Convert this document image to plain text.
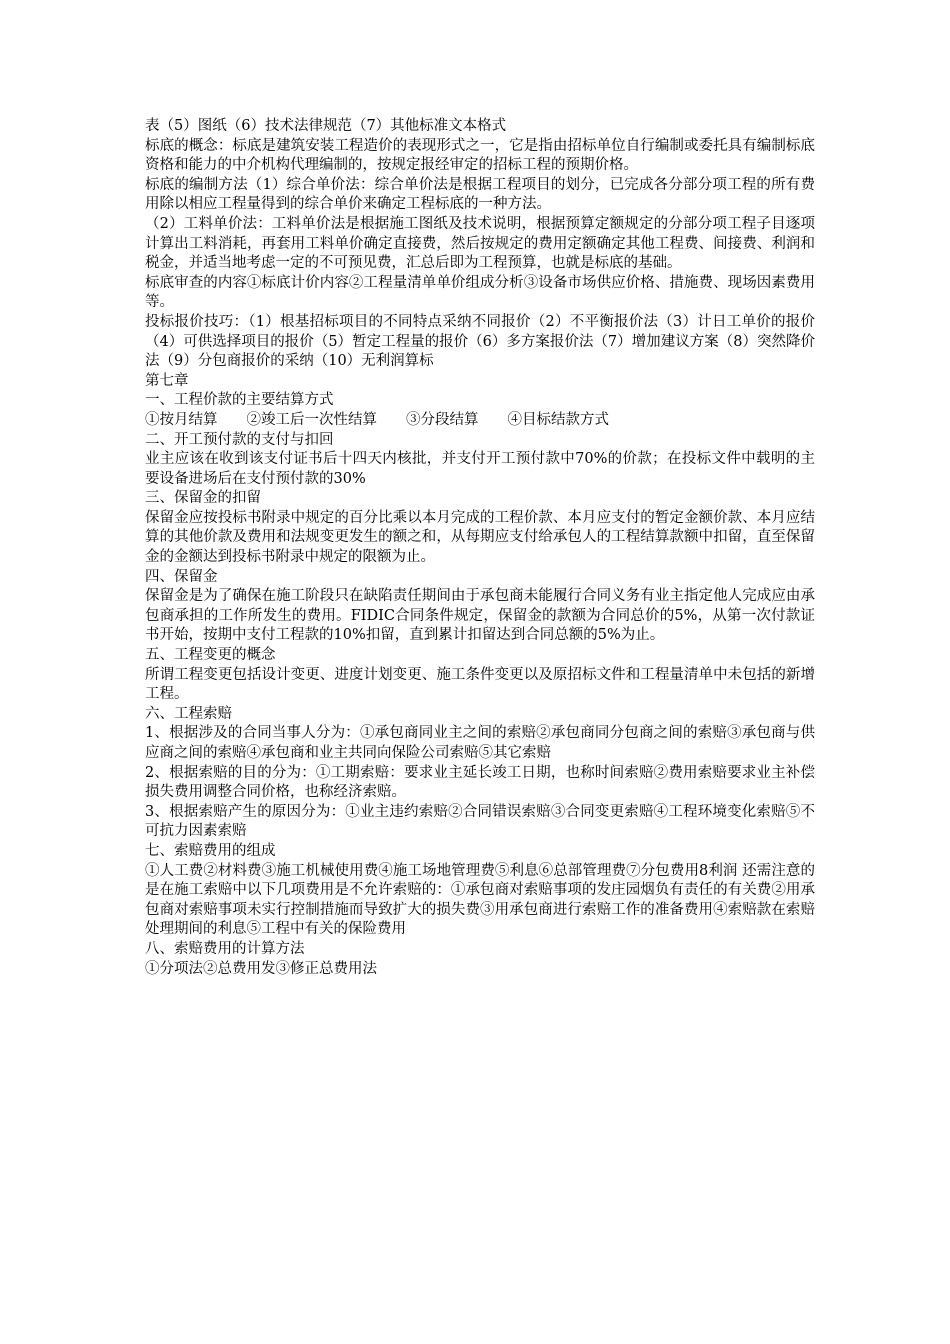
表（5）图纸（6）技术法律规范（7）其他标准文本格式

标底的概念：标底是建筑安装工程造价的表现形式之一，它是指由招标单位自行编制或委托具有编制标底资格和能力的中介机构代理编制的，按规定报经审定的招标工程的预期价格。

标底的编制方法（1）综合单价法：综合单价法是根据工程项目的划分，已完成各分部分项工程的所有费用除以相应工程量得到的综合单价来确定工程标底的一种方法。

（2）工料单价法：工料单价法是根据施工图纸及技术说明，根据预算定额规定的分部分项工程子目逐项计算出工料消耗，再套用工料单价确定直接费，然后按规定的费用定额确定其他工程费、间接费、利润和税金，并适当地考虑一定的不可预见费，汇总后即为工程预算，也就是标底的基础。

标底审查的内容①标底计价内容②工程量清单单价组成分析③设备市场供应价格、措施费、现场因素费用等。

投标报价技巧：（1）根基招标项目的不同特点采纳不同报价（2）不平衡报价法（3）计日工单价的报价（4）可供选择项目的报价（5）暂定工程量的报价（6）多方案报价法（7）增加建议方案（8）突然降价法（9）分包商报价的采纳（10）无利润算标

第七章

一、工程价款的主要结算方式

①按月结算　　②竣工后一次性结算　　③分段结算　　④目标结款方式

二、开工预付款的支付与扣回

业主应该在收到该支付证书后十四天内核批，并支付开工预付款中70%的价款；在投标文件中载明的主要设备进场后在支付预付款的30%

三、保留金的扣留

保留金应按投标书附录中规定的百分比乘以本月完成的工程价款、本月应支付的暂定金额价款、本月应结算的其他价款及费用和法规变更发生的额之和，从每期应支付给承包人的工程结算款额中扣留，直至保留金的金额达到投标书附录中规定的限额为止。

四、保留金

保留金是为了确保在施工阶段只在缺陷责任期间由于承包商未能履行合同义务有业主指定他人完成应由承包商承担的工作所发生的费用。FIDIC合同条件规定，保留金的款额为合同总价的5%，从第一次付款证书开始，按期中支付工程款的10%扣留，直到累计扣留达到合同总额的5%为止。

五、工程变更的概念

所谓工程变更包括设计变更、进度计划变更、施工条件变更以及原招标文件和工程量清单中未包括的新增工程。

六、工程索赔

1、根据涉及的合同当事人分为：①承包商同业主之间的索赔②承包商同分包商之间的索赔③承包商与供应商之间的索赔④承包商和业主共同向保险公司索赔⑤其它索赔

2、根据索赔的目的分为：①工期索赔：要求业主延长竣工日期，也称时间索赔②费用索赔要求业主补偿损失费用调整合同价格，也称经济索赔。

3、根据索赔产生的原因分为：①业主违约索赔②合同错误索赔③合同变更索赔④工程环境变化索赔⑤不可抗力因素索赔

七、索赔费用的组成

①人工费②材料费③施工机械使用费④施工场地管理费⑤利息⑥总部管理费⑦分包费用8利润 还需注意的是在施工索赔中以下几项费用是不允许索赔的：①承包商对索赔事项的发庄园烟负有责任的有关费②用承包商对索赔事项未实行控制措施而导致扩大的损失费③用承包商进行索赔工作的准备费用④索赔款在索赔处理期间的利息⑤工程中有关的保险费用

八、索赔费用的计算方法

①分项法②总费用发③修正总费用法
